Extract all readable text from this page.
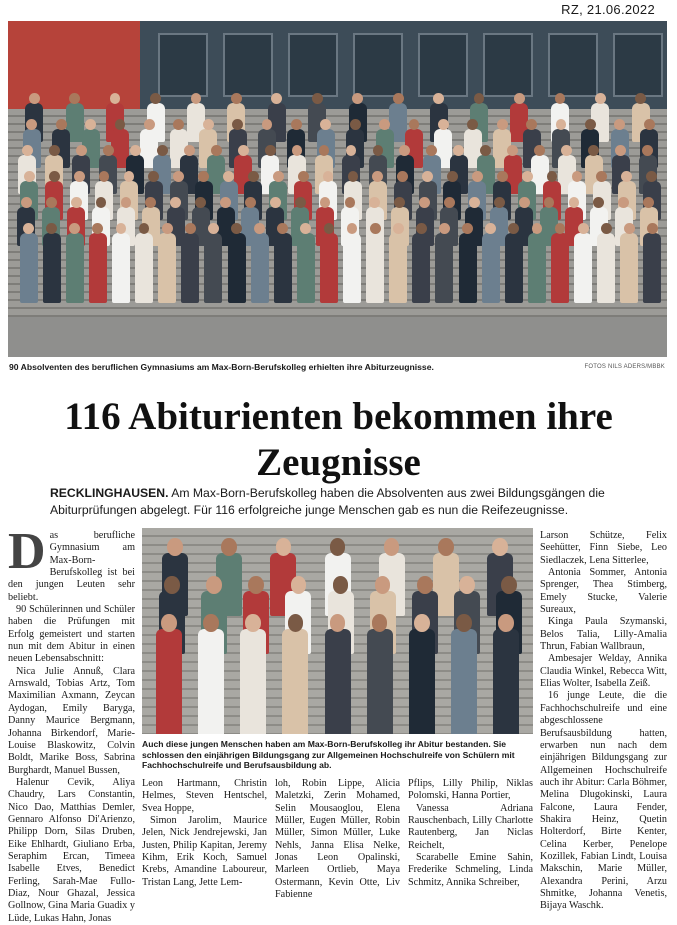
RZ, 21.06.2022
90 Absolventen des beruflichen Gymnasiums am Max-Born-Berufskolleg erhielten ihre Abiturzeugnisse.	FOTOS NILS ADERS/MBBK
116 Abiturienten bekommen ihre Zeugnisse
RECKLINGHAUSEN. Am Max-Born-Berufskolleg haben die Absolventen aus zwei Bildungsgängen die Abiturprüfungen abgelegt. Für 116 erfolgreiche junge Menschen gab es nun die Reifezeugnisse.
D as berufliche Gymnasium am Max-Born-Berufskolleg ist bei den jungen Leuten sehr beliebt.

90 Schülerinnen und Schüler haben die Prüfungen mit Erfolg gemeistert und starten nun mit dem Abitur in einen neuen Lebensabschnitt:

Nica Julie Annuß, Clara Arnswald, Tobias Artz, Tom Maximilian Axmann, Zeycan Aydogan, Emily Baryga, Danny Maurice Bergmann, Johanna Birkendorf, Marie-Louise Blaskowitz, Colvin Boldt, Marike Boss, Sabrina Burghardt, Manuel Bussen,

Halenur Cevik, Aliya Chaudry, Lars Constantin, Nico Dao, Matthias Demler, Gennaro Alfonso Di'Arienzo, Philipp Dorn, Silas Druben, Eike Ehlhardt, Giuliano Erba, Seraphim Ercan, Timeea Isabelle Etves, Benedict Ferling, Sarah-Mae Fullo-Diaz, Nour Ghazal, Jessica Gollnow, Gina Maria Guadix y Lüde, Lukas Hahn, Jonas

Auch diese jungen Menschen haben am Max-Born-Berufskolleg ihr Abitur bestanden. Sie schlossen den einjährigen Bildungsgang zur Allgemeinen Hochschulreife von Schülern mit Fachhochschulreife und Berufsausbildung ab.

Leon Hartmann, Christin Helmes, Steven Hentschel, Svea Hoppe,

Simon Jarolim, Maurice Jelen, Nick Jendrejewski, Jan Justen, Philip Kapitan, Jeremy Kihm, Erik Koch, Samuel Krebs, Amandine Laboureur, Tristan Lang, Jette Lem-

loh, Robin Lippe, Alicia Maletzki, Zerin Mohamed, Selin Mousaoglou, Elena Müller, Eugen Müller, Robin Müller, Simon Müller, Luke Nehls, Janna Elisa Nelke, Jonas Leon Opalinski, Marleen Ortlieb, Maya Ostermann, Kevin Otte, Liv Fabienne

Pflips, Lilly Philip, Niklas Polomski, Hanna Portier,

Vanessa Adriana Rauschenbach, Lilly Charlotte Rautenberg, Jan Niclas Reichelt,

Scarabelle Emine Sahin, Frederike Schmeling, Linda Schmitz, Annika Schreiber,

Larson Schütze, Felix Seehütter, Finn Siebe, Leo Siedlaczek, Lena Sitterlee,

Antonia Sommer, Antonia Sprenger, Thea Stimberg, Emely Stucke, Valerie Sureaux,

Kinga Paula Szymanski, Belos Talia, Lilly-Amalia Thrun, Fabian Wallbraun,

Ambesajer Welday, Annika Claudia Winkel, Rebecca Witt, Elias Wolter, Isabella Zeiß.

16 junge Leute, die die Fachhochschulreife und eine abgeschlossene Berufsausbildung hatten, erwarben nun nach dem einjährigen Bildungsgang zur Allgemeinen Hochschulreife auch ihr Abitur: Carla Böhmer, Melina Dlugokinski, Laura Falcone, Laura Fender, Shakira Heinz, Quetin Holterdorf, Birte Kenter, Celina Kerber, Penelope Kozillek, Fabian Lindt, Louisa Makschin, Marie Müller, Alexandra Perini, Arzu Shmitke, Johanna Venetis, Bijaya Waschk.
